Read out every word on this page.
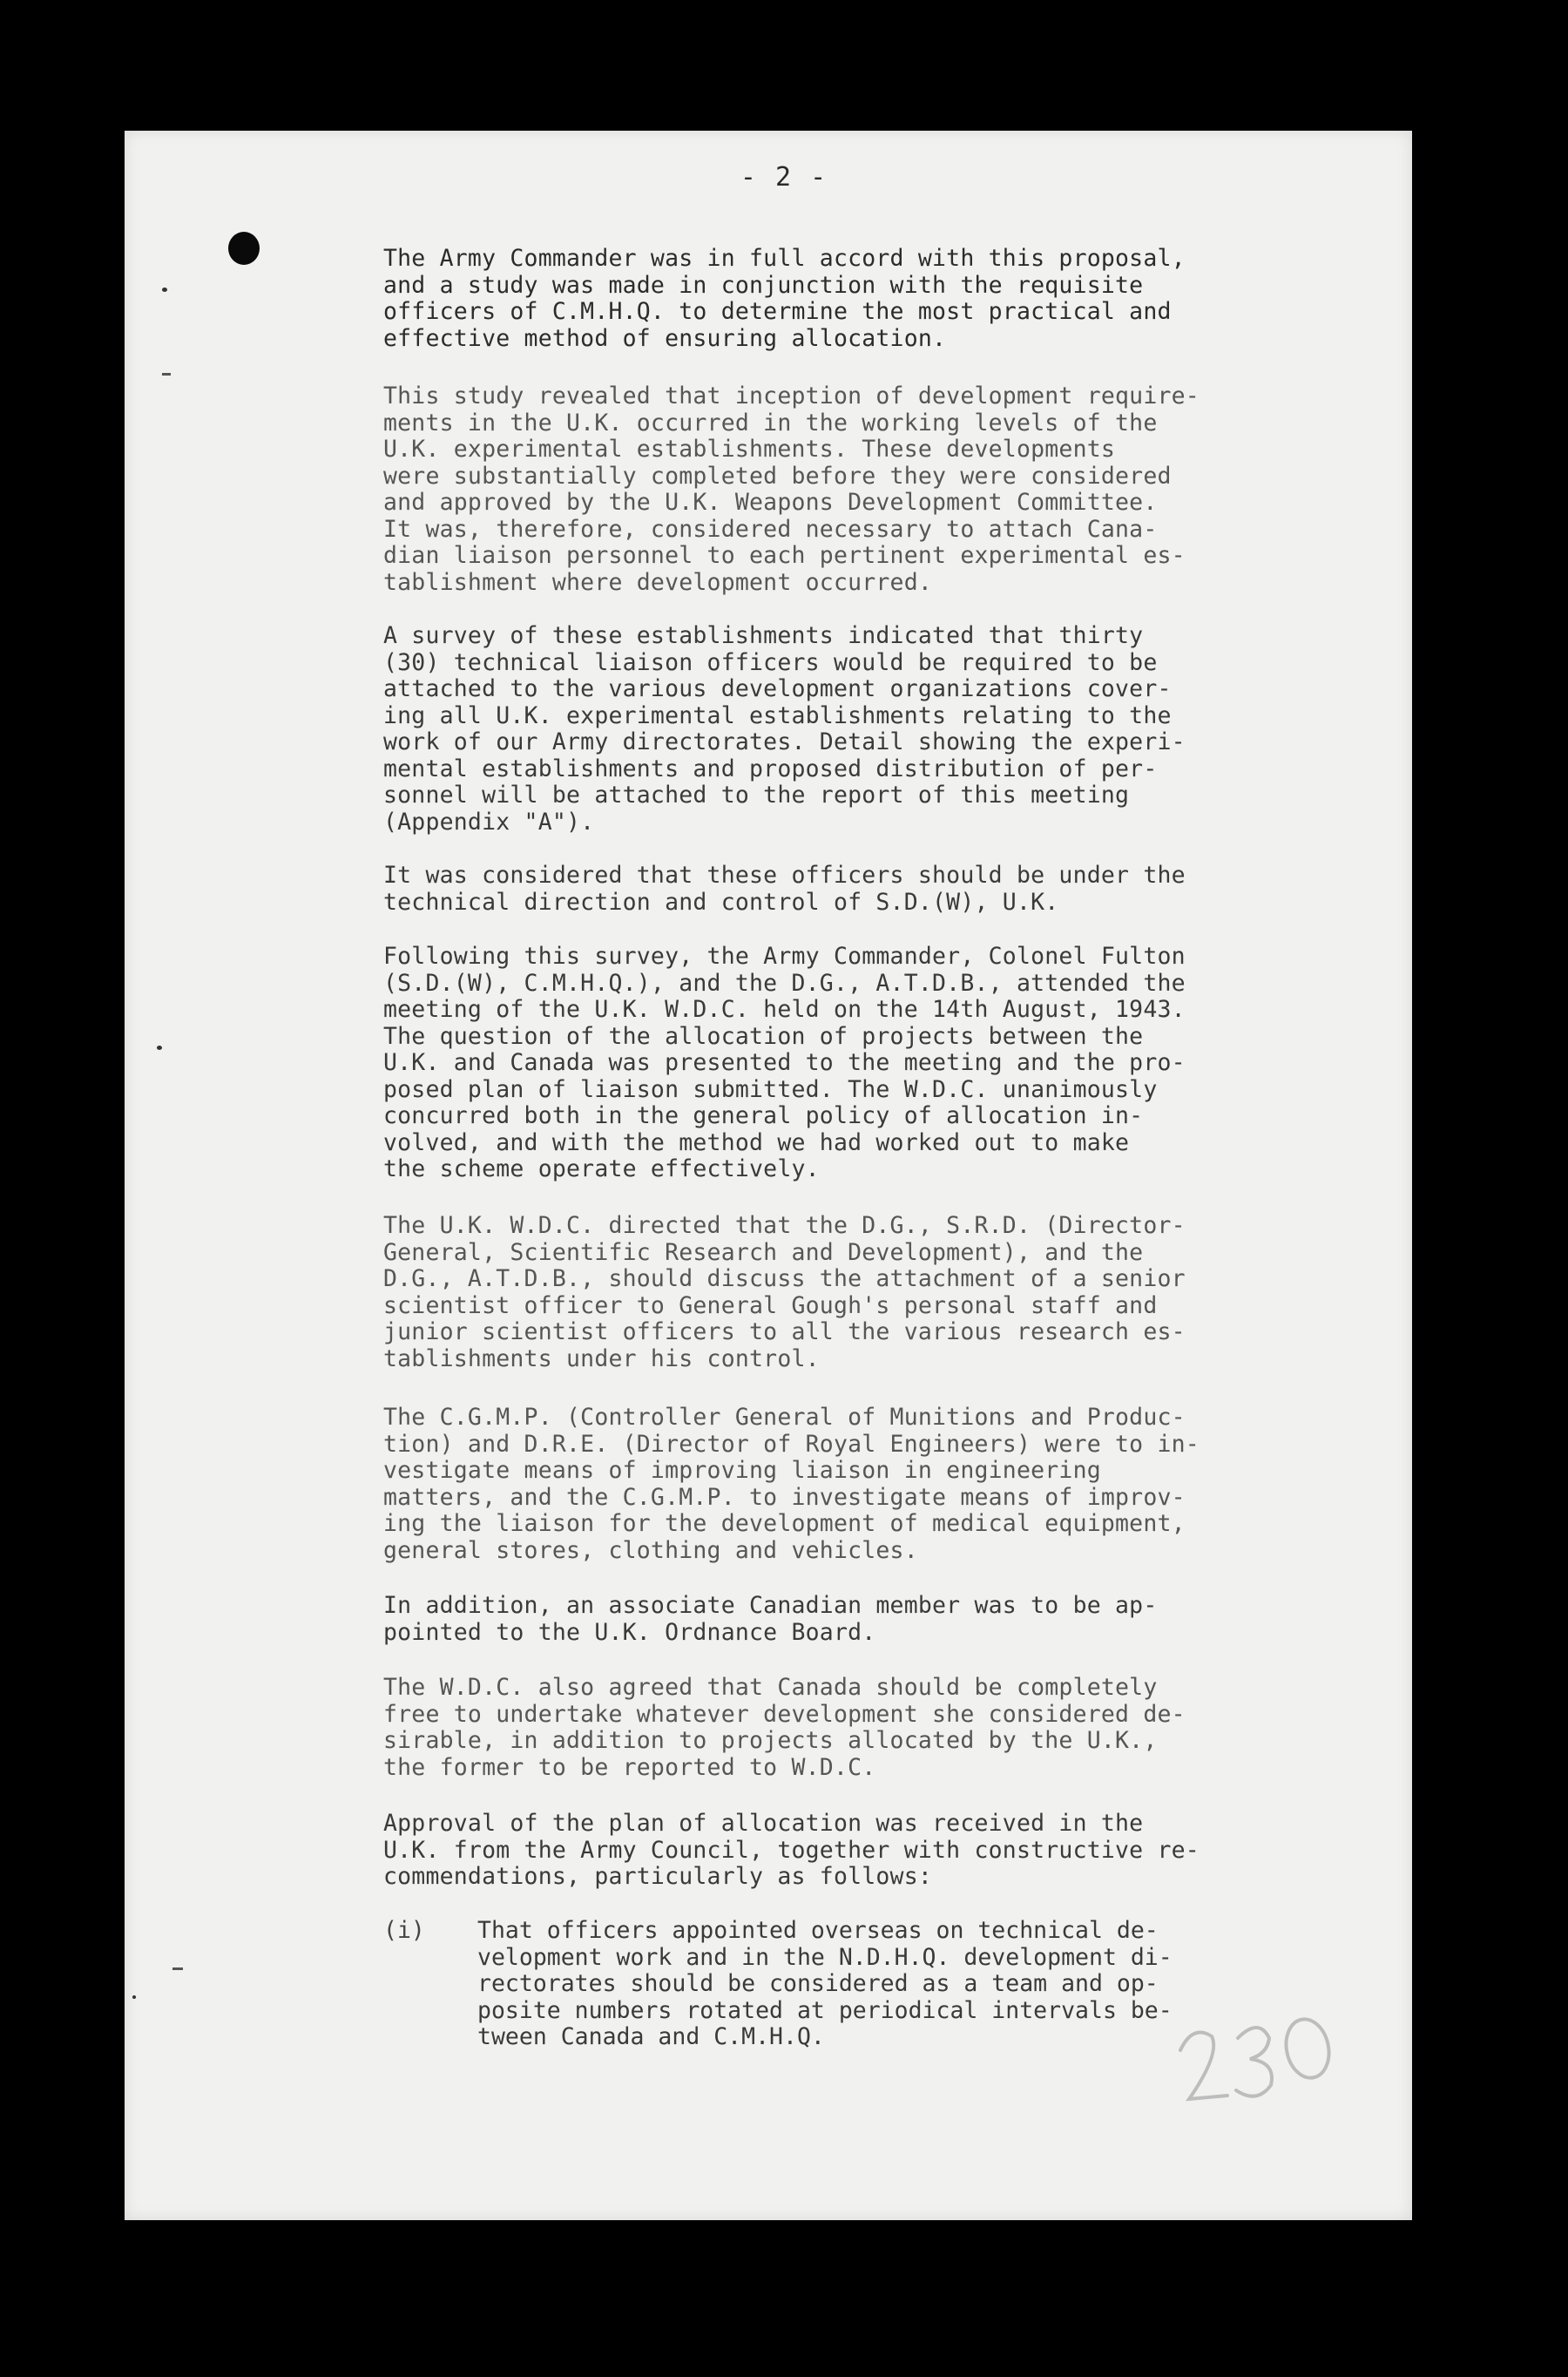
- 2 -
The Army Commander was in full accord with this proposal,
and a study was made in conjunction with the requisite
officers of C.M.H.Q. to determine the most practical and
effective method of ensuring allocation.
This study revealed that inception of development require-
ments in the U.K. occurred in the working levels of the
U.K. experimental establishments. These developments
were substantially completed before they were considered
and approved by the U.K. Weapons Development Committee.
It was, therefore, considered necessary to attach Cana-
dian liaison personnel to each pertinent experimental es-
tablishment where development occurred.
A survey of these establishments indicated that thirty
(30) technical liaison officers would be required to be
attached to the various development organizations cover-
ing all U.K. experimental establishments relating to the
work of our Army directorates. Detail showing the experi-
mental establishments and proposed distribution of per-
sonnel will be attached to the report of this meeting
(Appendix "A").
It was considered that these officers should be under the
technical direction and control of S.D.(W), U.K.
Following this survey, the Army Commander, Colonel Fulton
(S.D.(W), C.M.H.Q.), and the D.G., A.T.D.B., attended the
meeting of the U.K. W.D.C. held on the 14th August, 1943.
The question of the allocation of projects between the
U.K. and Canada was presented to the meeting and the pro-
posed plan of liaison submitted. The W.D.C. unanimously
concurred both in the general policy of allocation in-
volved, and with the method we had worked out to make
the scheme operate effectively.
The U.K. W.D.C. directed that the D.G., S.R.D. (Director-
General, Scientific Research and Development), and the
D.G., A.T.D.B., should discuss the attachment of a senior
scientist officer to General Gough's personal staff and
junior scientist officers to all the various research es-
tablishments under his control.
The C.G.M.P. (Controller General of Munitions and Produc-
tion) and D.R.E. (Director of Royal Engineers) were to in-
vestigate means of improving liaison in engineering
matters, and the C.G.M.P. to investigate means of improv-
ing the liaison for the development of medical equipment,
general stores, clothing and vehicles.
In addition, an associate Canadian member was to be ap-
pointed to the U.K. Ordnance Board.
The W.D.C. also agreed that Canada should be completely
free to undertake whatever development she considered de-
sirable, in addition to projects allocated by the U.K.,
the former to be reported to W.D.C.
Approval of the plan of allocation was received in the
U.K. from the Army Council, together with constructive re-
commendations, particularly as follows:
(i) That officers appointed overseas on technical de-
velopment work and in the N.D.H.Q. development di-
rectorates should be considered as a team and op-
posite numbers rotated at periodical intervals be-
tween Canada and C.M.H.Q.
